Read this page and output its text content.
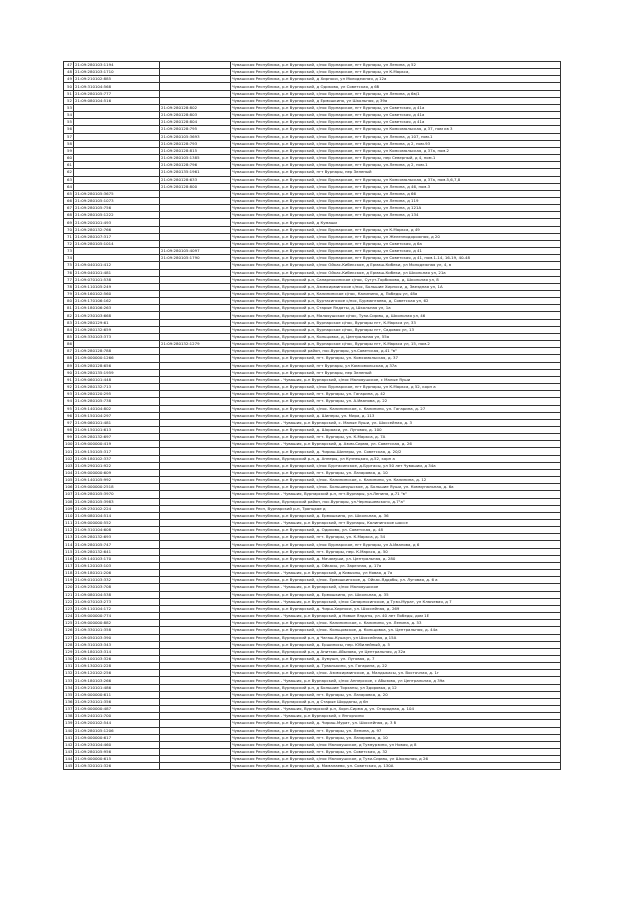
47	21:09:280103:1194		Чувашская Республика, р-н Вурнарский, с/пос Вурнарское, пгт Вурнары, ул Ленина, д 52
48	21:09:280103:1710		Чувашская Республика, р-н Вурнарский, с/пос Вурнарское, пгт Вурнары, ул К.Маркса,
49	21:09:210102:885		Чувашская Республика, р-н Вурнарский, д Хирпоси, ул Молодежная, д 12а
50	21:09:310104:568		Чувашская Республика, р-н Вурнарский, д Одиково, ул Советская, д 6б
51	21:09:280105:777		Чувашская Республика, р-н Вурнарский, с/пос Вурнарское, пгт Вурнары, ул Ленина, д 6в/1
52	21:09:080104:516		Чувашская Республика, р-н Вурнарский, д Ермошкино, ул Школьная, д 39а
53		21:09:280128:802	Чувашская Республика, р-н Вурнарский, с/пос Вурнарское, пгт Вурнары, ул Советская, д 41а
54		21:09:280128:803	Чувашская Республика, р-н Вурнарский, с/пос Вурнарское, пгт Вурнары, ул Советская, д 41а
55		21:09:280128:804	Чувашская Республика, р-н Вурнарский, с/пос Вурнарское, пгт Вурнары, ул Советская, д 41а
56		21:09:280128:795	Чувашская Республика, р-н Вурнарский, с/пос Вурнарское, пгт Вурнары, ул Комсомольская, д 37, пом кв 3
57		21:09:280105:3693	Чувашская Республика, р-н Вурнарский, с/пос Вурнарское, пгт Вурнары, ул Ленина, д 107, пом.1
58		21:09:280128:793	Чувашская Республика, р-н Вурнарский, с/пос Вурнарское, пгт Вурнары, ул Ленина, д 2, пом.93
59		21:09:280128:815	Чувашская Республика, р-н Вурнарский, с/пос Вурнарское, пгт Вурнары, ул Комсомольская, д 37а, пом.2
60		21:09:280105:1385	Чувашская Республика, р-н Вурнарский, с/пос Вурнарское, пгт Вурнары, пер Северный, д 4, пом.1
61		21:09:280128:796	Чувашская Республика, р-н Вурнарский, с/пос Вурнарское, пгт Вурнары, ул.Ленина, д 2, пом.1
62		21:09:280135:1961	Чувашская Республика, р-н Вурнарский, пгт Вурнары, пер Зеленый
63		21:09:280128:633	Чувашская Республика, р-н Вурнарский, с/пос Вурнарское, пгт Вурнары, ул Комсомольская, д 37а, пом.5,6,7,8
64		21:09:280128:800	Чувашская Республика, р-н Вурнарский, с/пос Вурнарское, пгт Вурнары, ул Ленина, д 46, пом.3
65	21:09:280105:3675		Чувашская Республика, р-н Вурнарский, с/пос Вурнарское, пгт Вурнары, ул Ленина, д 66
66	21:09:280105:1073		Чувашская Республика, р-н Вурнарский, с/пос Вурнарское, пгт Вурнары, ул Ленина, д 119
67	21:09:280105:756		Чувашская Республика, р-н Вурнарский, с/пос Вурнарское, пгт Вурнары, ул Ленина, д 121А
68	21:09:280105:1222		Чувашская Республика, р-н Вурнарский, с/пос Вурнарское, пгт Вурнары, ул Ленина, д 134
69	21:09:200101:493		Чувашская Республика, р-н Вурнарский, д Кумаши
70	21:09:280132:766		Чувашская Республика, р-н Вурнарский, с/пос Вурнарское, пгт Вурнары, ул К.Маркса, д 49
71	21:09:280107:317		Чувашская Республика, р-н Вурнарский, с/пос Вурнарское, пгт Вурнары, ул Железнодорожная, д 20
72	21:09:280105:1014		Чувашская Республика, р-н Вурнарский, с/пос Вурнарское, пгт Вурнары, ул Советская, д 6а
73		21:09:280105:4097	Чувашская Республика, р-н Вурнарский, с/пос Вурнарское, пгт Вурнары, ул Советская, д 41
74		21:09:280105:1790	Чувашская Республика, р-н Вурнарский, с/пос Вурнарское, пгт Вурнары, ул Советская, д 41, пом.1-14, 16-19, 40-48
75	21:09:040101:412		Чувашская Республика, р-н Вурнарский, с/пос Ойкас-Кибекское, д Ермаш-Кибеки, ул Молодежная ул, 4, в
76	21:09:040101:481		Чувашская Республика, р-н Вурнарский, с/пос Ойкас-Кибекское, д Ермаш-Кибеки, ул Школьная ул, 21а
77	21:09:070101:538		Чувашская Республика, Вурнарский р-н, Санарпосинское с/пос, Сугут-Торбиково, д, Школьная ул, 8
78	21:09:110105:249		Чувашская Республика, Вурнарский р-н, Азимсирминское с/пос, Большие Хирпоси, д, Звездная ул, 1А
79	21:09:160102:560		Чувашская Республика, Вурнарский р-н, Калининское с/пос, Калинино, д, Победы ул, 48а
80	21:09:170106:162		Чувашская Республика, Вурнарский р-н, Буртасинское с/пос, Бурмангаево, д, Советская ул, 62
81	21:09:180106:263		Чувашская Республика, Вурнарский р-н, Старые Ялдаты, д, Школьная ул, 1а
82	21:09:230103:668		Чувашская Республика, Вурнарский р-н, Малояушское с/пос, Тузи-Сирмы, д, Школьная ул, 46
83	21:09:280129:61		Чувашская Республика, Вурнарский р-н, Вурнарское с/пос, Вурнары пгт, К.Маркса ул, 33
84	21:09:280132:659		Чувашская Республика, Вурнарский р-н, Вурнарское с/пос, Вурнары пгт, Садовая ул, 13
85	21:09:330103:373		Чувашская Республика, Вурнарский р-н, Кольцовка, д, Центральная ул, 55а
86		21:09:280132:1279	Чувашская Республика, Вурнарский р-н, Вурнарское с/пос, Вурнары пгт, К.Маркса ул, 15, пом.2
87	21:09:280128:788		Чувашская Республика, Вурнарский район, пос.Вурнары, ул.Советская, д.41 "в"
88	21:09:000000:1266		Чувашская Республика, р-н Вурнарский, пгт. Вурнары, ул. Комсомольская, д. 37
89	21:09:280128:656		Чувашская Республика, р-н Вурнарский, пгт Вурнары, ул Комсомольская, д 37а
90	21:09:280135:1959		Чувашская Республика, р-н Вурнарский, пгт Вурнары, пер Зеленый
91	21:09:060101:448		Чувашская Республика - Чувашия, р-н Вурнарский, с/пос Малояушское, с Малые Яуши
92	21:09:280132:713		Чувашская Республика, р-н Вурнарский, с/пос Вурнарское, пгт Вурнары, ул К.Маркса, д 52, корп а
93	21:09:280120:295		Чувашская Республика, р-н Вурнарский, пгт. Вурнары, ул. Гагарина, д. 42
94	21:09:280105:738		Чувашская Республика, р-н Вурнарский, пгт. Вурнары, ул. А.Иванова, д. 22
95	21:09:140104:802		Чувашская Республика, р-н Вурнарский, с/пос. Калининское, с. Калинино, ул. Гагарина, д. 27
96	21:09:150104:297		Чувашская Республика, р-н Вурнарский, д. Шинеры, ул. Мира, д. 113
97	21:09:060101:481		Чувашская Республика - Чувашия, р-н Вурнарский, с. Малые Яуши, ул. Шоссейная, д. 3
98	21:09:150101:613		Чувашская Республика, р-н Вурнарский, д. Шорааси, ул. Луговая, д. 100
99	21:09:280132:697		Чувашская Республика, р-н Вурнарский, пгт. Вурнары, ул. К.Маркса, д. 7А
100	21:09:000000:419		Чувашская Республика - Чувашия, р-н Вурнарский, д. Азим-Сирма, ул. Советская, д. 26
101	21:09:150105:317		Чувашская Республика, р-н Вурнарский, д. Чириш-Шинеры, ул. Советская, д. 20/2
102	21:09:180102:337		Чувашская Республика, Вурнарский р-н, д. Апнеры, ул Кузнецкая, д.52, корп а
103	21:09:290101:922		Чувашская Республика, р-н Вурнарский, с/пос Буртасинское, д.Буртасы, ул 50 лет Чувашии, д 34а
104	21:09:000000:609		Чувашская Республика, р-н Вурнарский, пгт. Вурнары, ул. Лазаровка, д. 10
105	21:09:140105:992		Чувашская Республика, р-н Вурнарский, с/пос. Калининское, с. Калинино, ул. Калинина, д. 12
106	21:09:000000:2518		Чувашская Республика, р-н Вурнарский, с/пос. Большеяушское, д. Большие Яуши, ул. Коммунальная, д. 6а
107	21:09:280105:3970		Чувашская Республика - Чувашия, Вурнарский р-н, пгт.Вурнары, ул.Ленина, д.71 "в"
108	21:09:280105:3983		Чувашская Республика, Вурнарский район, пос.Вурнары, ул.Чернышевского, д.7"а"
109	21:09:230102:224		Чувашская Респ, Вурнарский р-н, Тронцкое д
110	21:09:080104:514		Чувашская Республика, р-н Вурнарский, д. Ермошкино, ул. Школьная, д. 36
111	21:09:000000:552		Чувашская Республика - Чувашия, р-н Вурнарский, пгт Вурнары, Калининское шоссе
112	21:09:310104:608		Чувашская Республика, р-н Вурнарский, д. Одиково, ул. Советская, д. 48
113	21:09:280132:693		Чувашская Республика, р-н Вурнарский, пгт. Вурнары, ул. К.Маркса, д. 54
114	21:09:280105:747		Чувашская Республика, р-н Вурнарский, с/пос Вурнарское, пгт Вурнары, ул А.Иванова, д 6
115	21:09:280132:641		Чувашская Республика, р-н Вурнарский, пгт. Вурнары, пер. К.Маркса, д. 50
116	21:09:140103:170		Чувашская Республика, р-н Вурнарский, д. Мачамуши, ул. Центральная, д. 280
117	21:09:120103:103		Чувашская Республика, р-н Вурнарский, д. Ойкасы, ул. Заречная, д. 17а
118	21:09:180101:206		Чувашская Республика - Чувашия, р-н Вурнарский, д Кивьялы, ул Новая, д 7а
119	21:09:010103:332		Чувашская Республика, р-н Вурнарский, с/пос. Ермошкинское, д. Ойкас-Яддобы, ул. Луговая, д. 6 а
120	21:09:230103:708		Чувашская Республика - Чувашия, р-н Вурнарский, с/пос Малояушское
121	21:09:080104:538		Чувашская Республика, р-н Вурнарский, д. Ермошкино, ул. Школьная, д. 35
122	21:09:070103:273		Чувашская Республика - Чувашия, р-н Вурнарский, с/пос Санарпосинское, д Тузи-Мурат, ул Ключевая, д 7
123	21:09:110104:172		Чувашская Республика, р-н Вурнарский, д. Чирш-Хирпоси, ул. Шоссейная, д. 269
124	21:09:000000:774		Чувашская Республика - Чувашия, р-н Вурнарский, д Новые Ялдаты, ул. 40 лет Победы, дом 1Е
125	21:09:000000:882		Чувашская Республика, р-н Вурнарский, с/пос. Калининское, с. Калинино, ул. Ленина, д. 53
126	21:09:330101:358		Чувашская Республика, р-н Вурнарский, с/пос. Кольцовское, д. Кольцовка, ул. Центральная, д. 44а
127	21:09:050103:390		Чувашская Республика, Вурнарский р-н, д Чагаш-Кушкун, ул Шоссейная, д 15А
128	21:09:310103:343		Чувашская Республика, р-н Вурнарский, д. Ершипосы, пер. Юбилейный, д. 5
129	21:09:180103:314		Чувашская Республика, Вурнарский р-н, д Аниткас-Абызово, ул Центральная, д 32а
130	21:09:100103:326		Чувашская Республика, р-н Вурнарский, д. Хумушн, ул. Луговая, д. 7
131	21:09:130201:228		Чувашская Республика, р-н Вурнарский, д. Тувалькино, ул. Гагарина, д. 22
132	21:09:120102:256		Чувашская Республика, р-н Вурнарский, с/пос. Азимсирминское, д. Малдыкасы, ул. Восточная, д. 1г
133	21:09:180103:266		Чувашская Республика - Чувашия, р-н Вурнарский, с/пос Апнерское, с Абызово, ул Центральная, д 39а
134	21:09:210101:486		Чувашская Республика, Вурнарский р-н, д Большие Торханы, ул Здоровья, д 12
135	21:09:000000:611		Чувашская Республика, р-н Вурнарский, пгт. Вурнары, ул. Лазаровка, д. 20
136	21:09:230101:356		Чувашская Республика, Вурнарский р-н, д Старые Шорданы, д 6н
137	21:09:000000:487		Чувашская Республика - Чувашия, Вурнарский р-н, Хорн-Сирма д, ул. Огородная, д. 104
138	21:09:240101:700		Чувашская Республика - Чувашия, р-н Вурнарский, с Янгорчино
139	21:09:200102:544		Чувашская Республика, р-н Вурнарский, д. Чириш-Мурат, ул. Шоссейная, д. 3 б
140	21:09:280105:1206		Чувашская Республика, р-н Вурнарский, пгт. Вурнары, ул. Ленина, д. 97
141	21:09:000000:617		Чувашская Республика, р-н Вурнарский, пгт. Вурнары, ул. Лазаровка, д. 10
142	21:09:230104:460		Чувашская Республика, р-н Вурнарский, с/пос Малояушское, д Тузмурзино, ул Новая, д 8
143	21:09:280105:956		Чувашская Республика, р-н Вурнарский, пгт. Вурнары, ул. Советская, д. 32
144	21:09:000000:615		Чувашская Республика, р-н Вурнарский, с/пос Малояушское, д Тузи-Сирмы, ул Школьная, д 26
145	21:09:320101:326		Чувашская Республика, р-н Вурнарский, д. Мамалаево, ул. Советская, д. 130А
